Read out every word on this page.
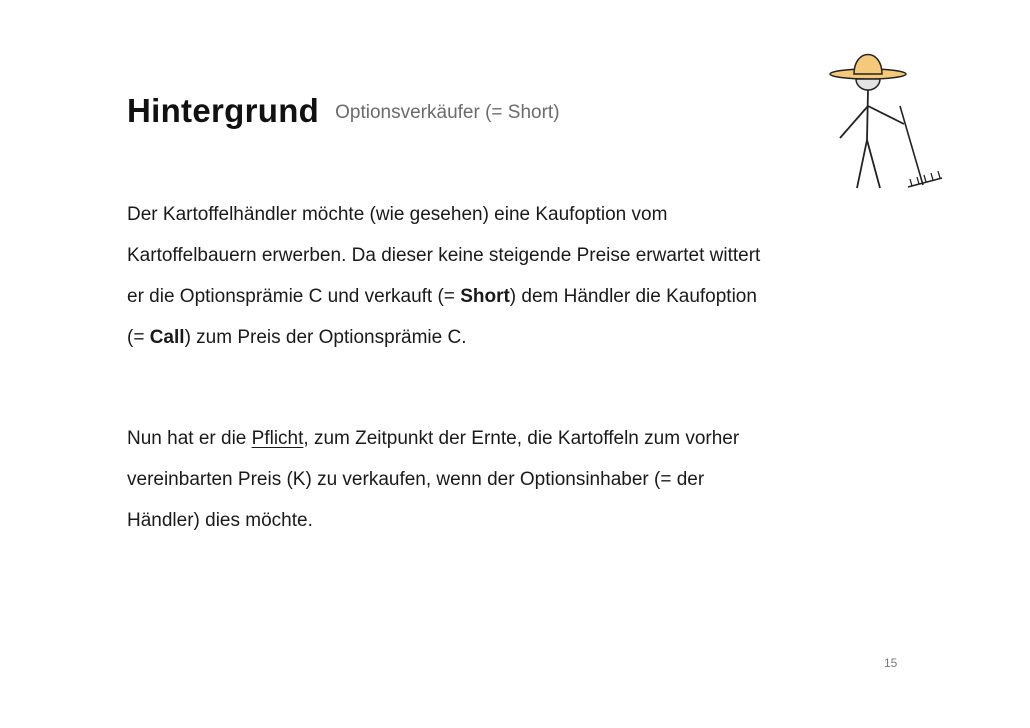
Hintergrund Optionsverkäufer (= Short)
Der Kartoffelhändler möchte (wie gesehen) eine Kaufoption vom
Kartoffelbauern erwerben. Da dieser keine steigende Preise erwartet wittert
er die Optionsprämie C und verkauft (= Short) dem Händler die Kaufoption
(= Call) zum Preis der Optionsprämie C.
Nun hat er die Pflicht, zum Zeitpunkt der Ernte, die Kartoffeln zum vorher
vereinbarten Preis (K) zu verkaufen, wenn der Optionsinhaber (= der
Händler) dies möchte.
15
